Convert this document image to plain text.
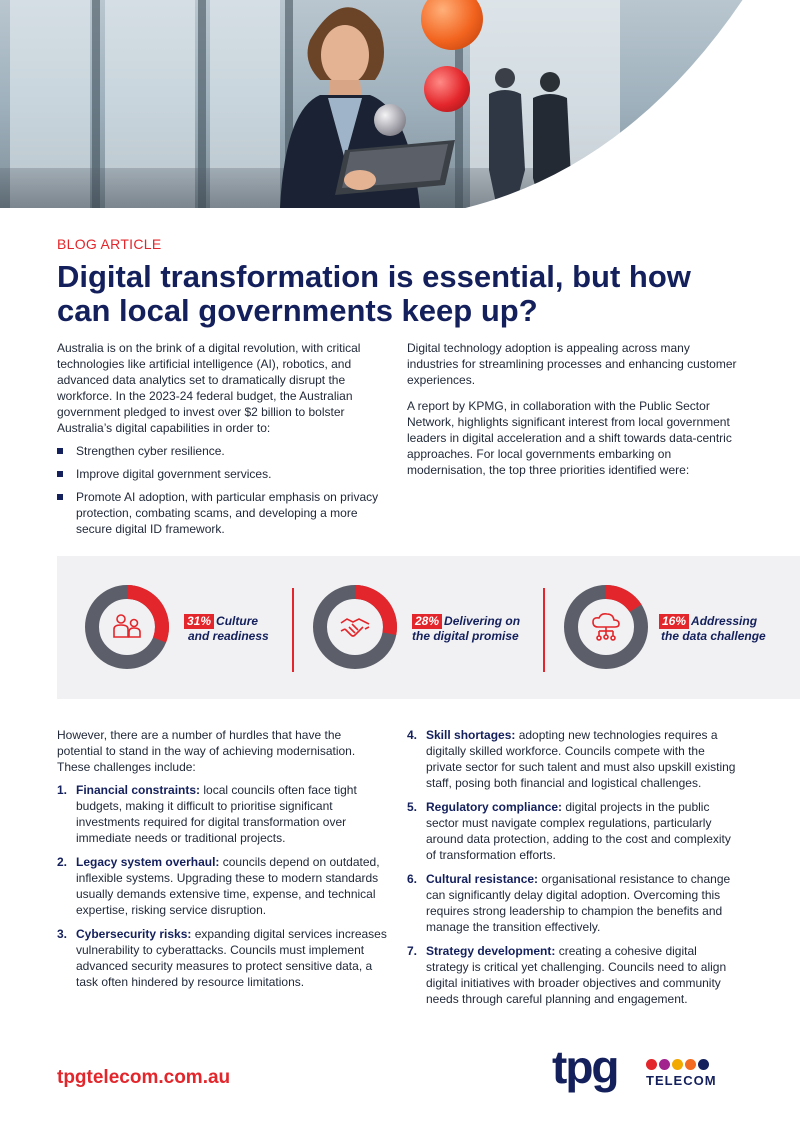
BLOG ARTICLE
Digital transformation is essential, but how can local governments keep up?

Australia is on the brink of a digital revolution, with critical technologies like artificial intelligence (AI), robotics, and advanced data analytics set to dramatically disrupt the workforce. In the 2023-24 federal budget, the Australian government pledged to invest over $2 billion to bolster Australia’s digital capabilities in order to:

Strengthen cyber resilience.
Improve digital government services.
Promote AI adoption, with particular emphasis on privacy protection, combating scams, and developing a more secure digital ID framework.

Digital technology adoption is appealing across many industries for streamlining processes and enhancing customer experiences.

A report by KPMG, in collaboration with the Public Sector Network, highlights significant interest from local government leaders in digital acceleration and a shift towards data-centric approaches. For local governments embarking on modernisation, the top three priorities identified were:

31% Culture
and readiness
28% Delivering on
the digital promise
16% Addressing
the data challenge

However, there are a number of hurdles that have the potential to stand in the way of achieving modernisation. These challenges include:

1. Financial constraints: local councils often face tight budgets, making it difficult to prioritise significant investments required for digital transformation over immediate needs or traditional projects.
2. Legacy system overhaul: councils depend on outdated, inflexible systems. Upgrading these to modern standards usually demands extensive time, expense, and technical expertise, risking service disruption.
3. Cybersecurity risks: expanding digital services increases vulnerability to cyberattacks. Councils must implement advanced security measures to protect sensitive data, a task often hindered by resource limitations.
4. Skill shortages: adopting new technologies requires a digitally skilled workforce. Councils compete with the private sector for such talent and must also upskill existing staff, posing both financial and logistical challenges.
5. Regulatory compliance: digital projects in the public sector must navigate complex regulations, particularly around data protection, adding to the cost and complexity of transformation efforts.
6. Cultural resistance: organisational resistance to change can significantly delay digital adoption. Overcoming this requires strong leadership to champion the benefits and manage the transition effectively.
7. Strategy development: creating a cohesive digital strategy is critical yet challenging. Councils need to align digital initiatives with broader objectives and community needs through careful planning and engagement.
tpgtelecom.com.au	tpg TELECOM
